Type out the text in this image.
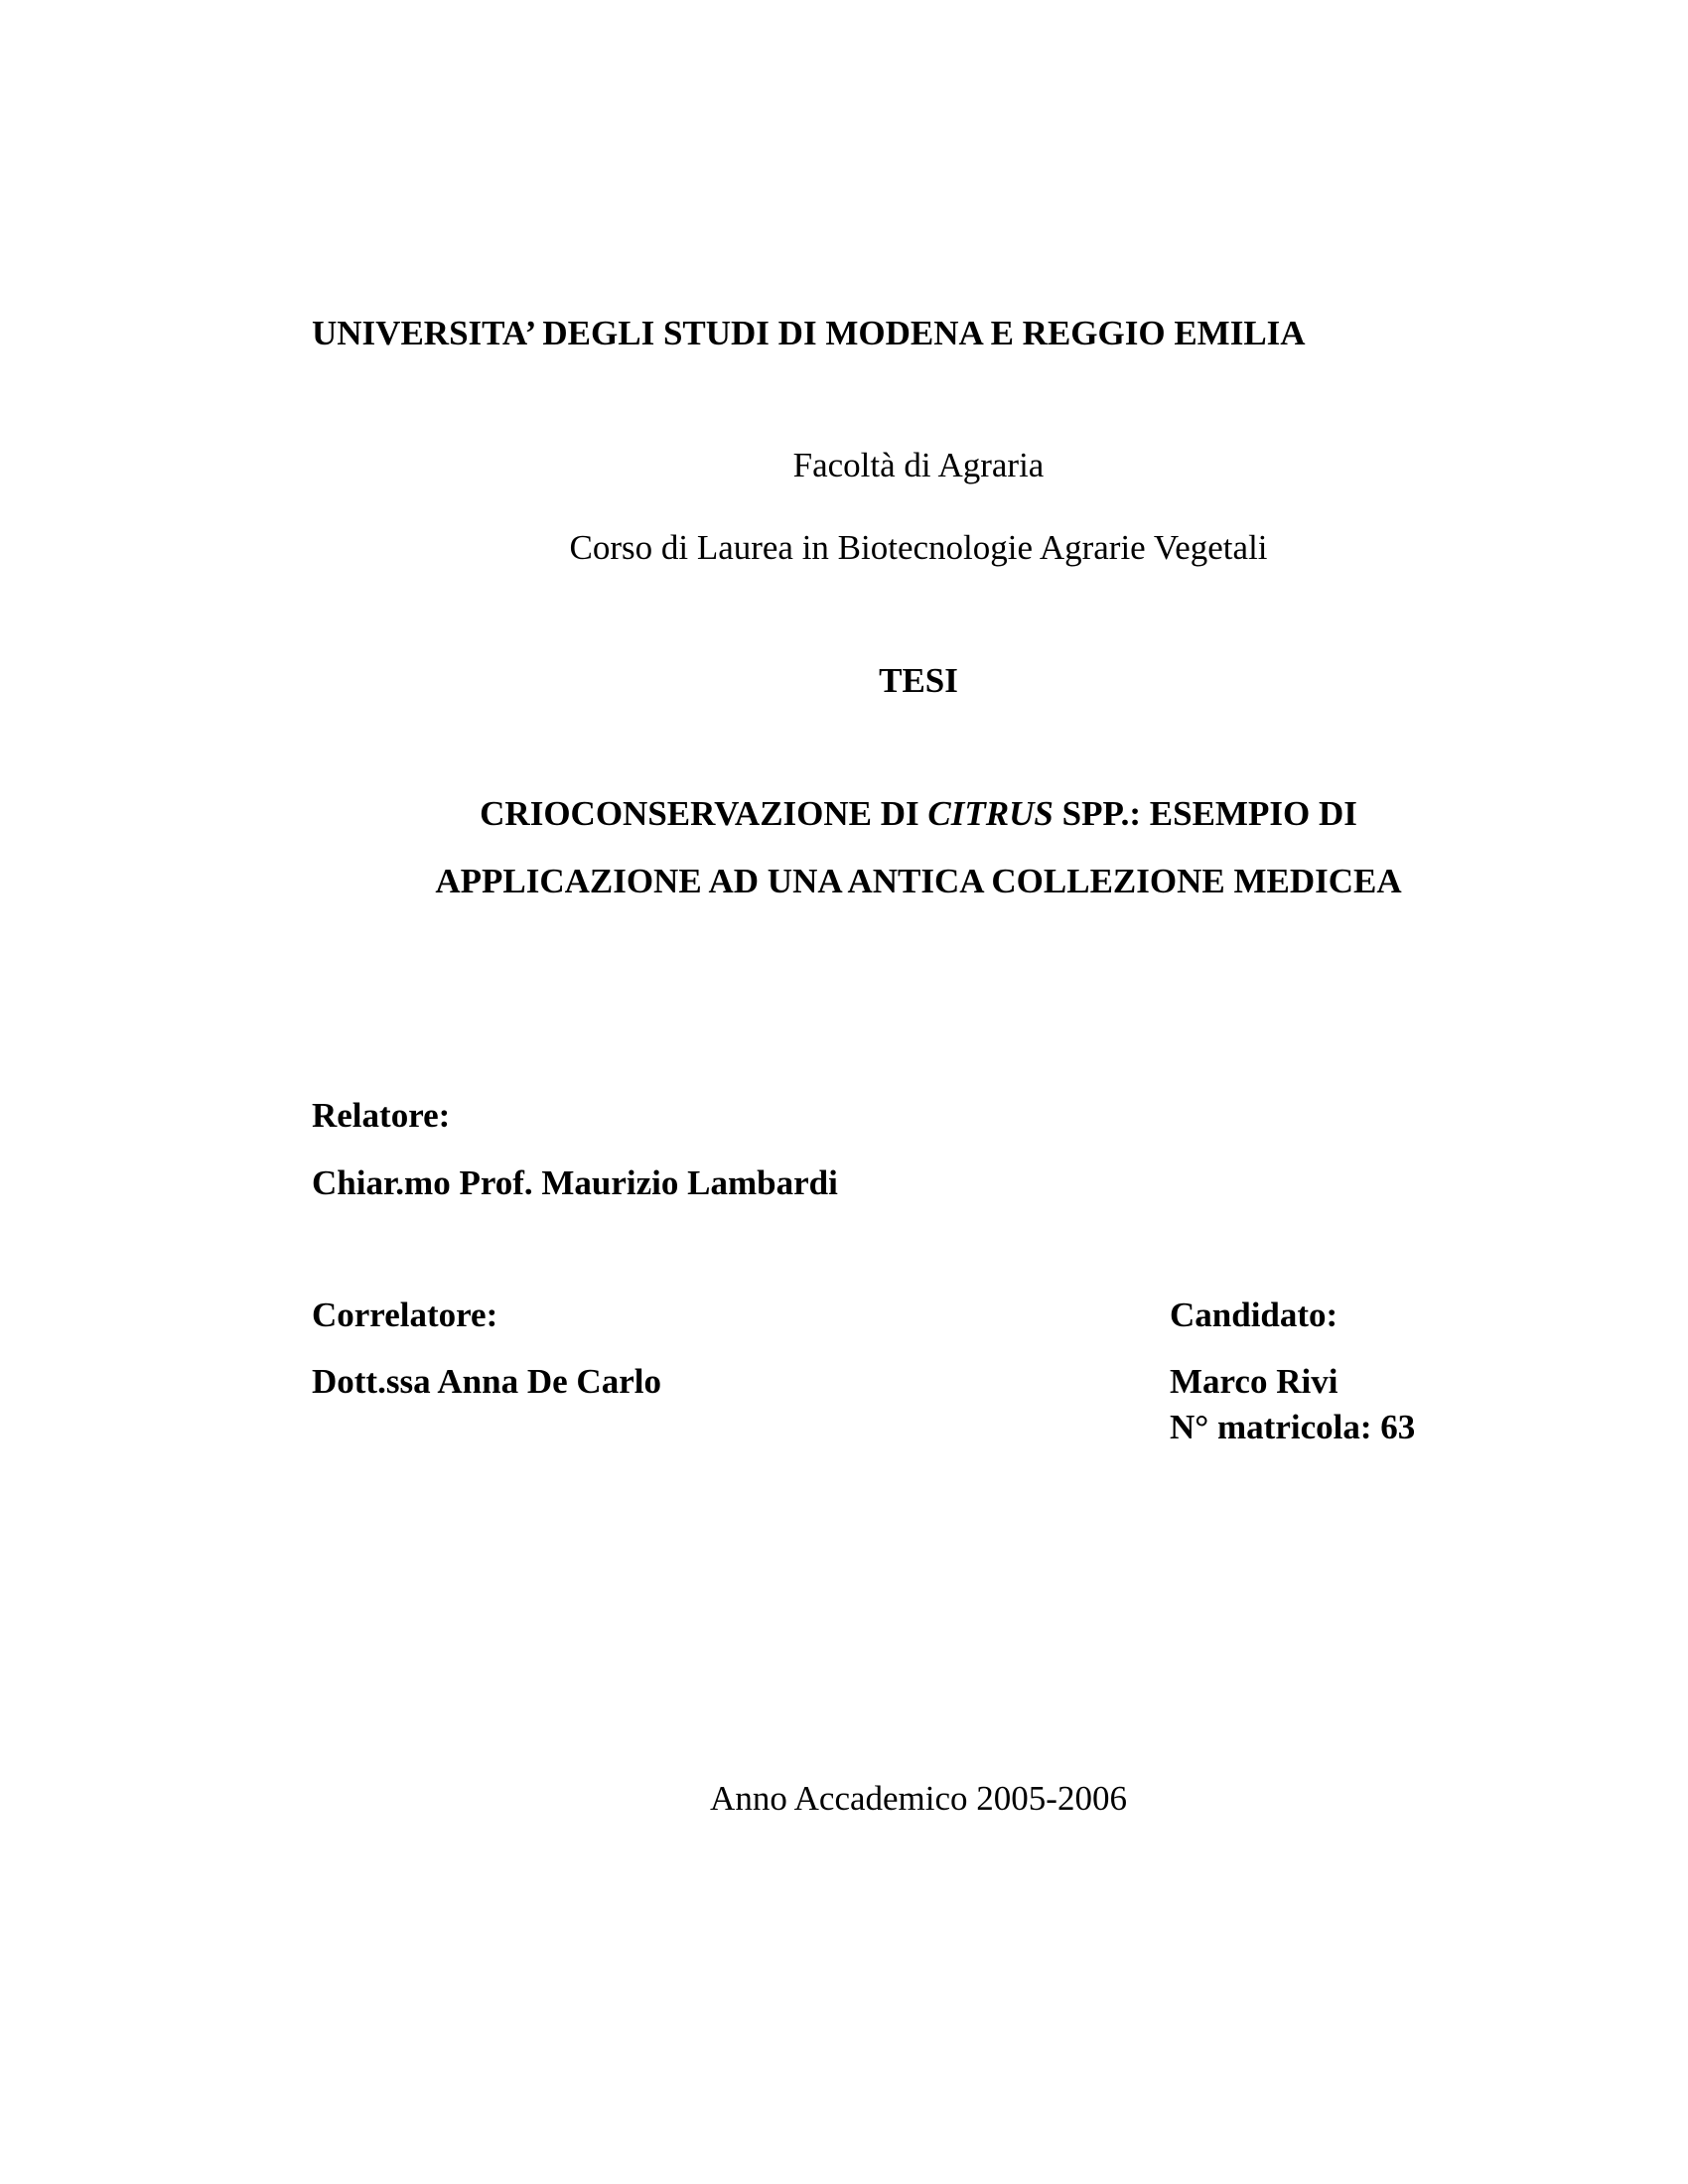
UNIVERSITA’ DEGLI STUDI DI MODENA E REGGIO EMILIA
Facoltà di Agraria
Corso di Laurea in Biotecnologie Agrarie Vegetali
TESI
CRIOCONSERVAZIONE DI CITRUS SPP.: ESEMPIO DI
APPLICAZIONE AD UNA ANTICA COLLEZIONE MEDICEA
Relatore:
Chiar.mo Prof. Maurizio Lambardi
Correlatore:
Dott.ssa Anna De Carlo
Candidato:
Marco Rivi
N° matricola: 63
Anno Accademico 2005-2006
